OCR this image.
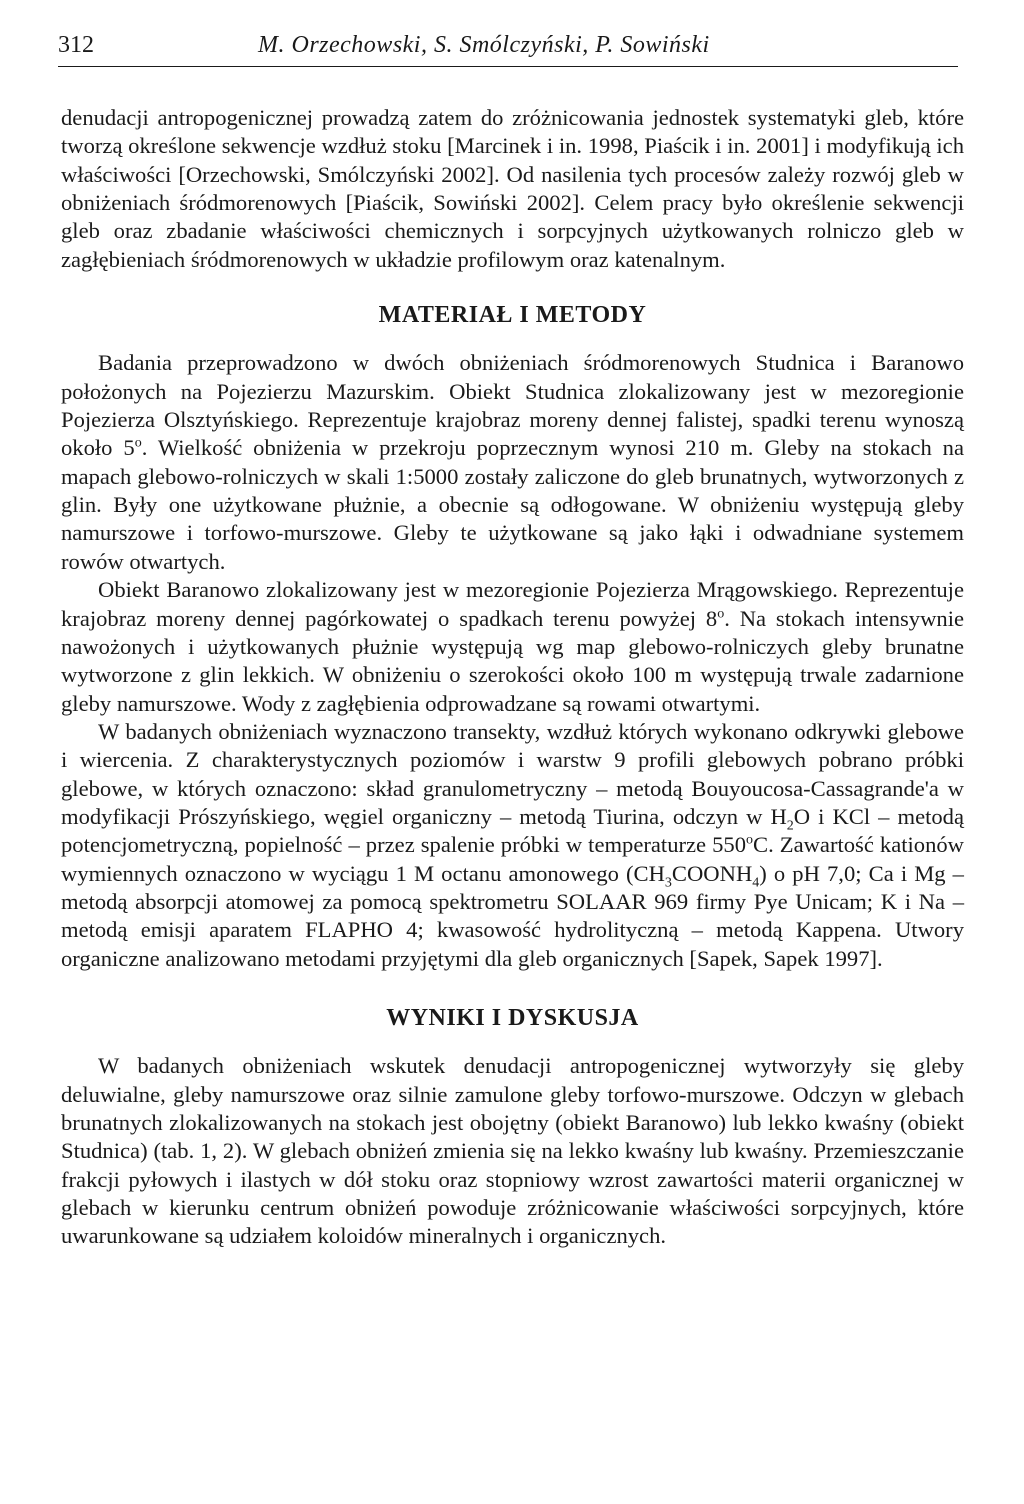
312	M. Orzechowski, S. Smólczyński, P. Sowiński

denudacji antropogenicznej prowadzą zatem do zróżnicowania jednostek systematyki gleb, które tworzą określone sekwencje wzdłuż stoku [Marcinek i in. 1998, Piaścik i in. 2001] i modyfikują ich właściwości [Orzechowski, Smólczyński 2002]. Od nasilenia tych procesów zależy rozwój gleb w obniżeniach śródmorenowych [Piaścik, Sowiński 2002]. Celem pracy było określenie sekwencji gleb oraz zbadanie właściwości chemicznych i sorpcyjnych użytkowanych rolniczo gleb w zagłębieniach śródmorenowych w układzie profilowym oraz katenalnym.

MATERIAŁ I METODY

Badania przeprowadzono w dwóch obniżeniach śródmorenowych Studnica i Baranowo położonych na Pojezierzu Mazurskim. Obiekt Studnica zlokalizowany jest w mezoregionie Pojezierza Olsztyńskiego. Reprezentuje krajobraz moreny dennej falistej, spadki terenu wynoszą około 5$^o$. Wielkość obniżenia w przekroju poprzecznym wynosi 210 m. Gleby na stokach na mapach glebowo-rolniczych w skali 1:5000 zostały zaliczone do gleb brunatnych, wytworzonych z glin. Były one użytkowane płużnie, a obecnie są odłogowane. W obniżeniu występują gleby namurszowe i torfowo-murszowe. Gleby te użytkowane są jako łąki i odwadniane systemem rowów otwartych.

Obiekt Baranowo zlokalizowany jest w mezoregionie Pojezierza Mrągowskiego. Reprezentuje krajobraz moreny dennej pagórkowatej o spadkach terenu powyżej 8$^o$. Na stokach intensywnie nawożonych i użytkowanych płużnie występują wg map glebowo-rolniczych gleby brunatne wytworzone z glin lekkich. W obniżeniu o szerokości około 100 m występują trwale zadarnione gleby namurszowe. Wody z zagłębienia odprowadzane są rowami otwartymi.

W badanych obniżeniach wyznaczono transekty, wzdłuż których wykonano odkrywki glebowe i wiercenia. Z charakterystycznych poziomów i warstw 9 profili glebowych pobrano próbki glebowe, w których oznaczono: skład granulometryczny – metodą Bouyoucosa-Cassagrande'a w modyfikacji Prószyńskiego, węgiel organiczny – metodą Tiurina, odczyn w $H_2O$ i KCl – metodą potencjometryczną, popielność – przez spalenie próbki w temperaturze 550$^o$C. Zawartość kationów wymiennych oznaczono w wyciągu 1 M octanu amonowego $(CH_3COONH_4)$ o pH 7,0; Ca i Mg – metodą absorpcji atomowej za pomocą spektrometru SOLAAR 969 firmy Pye Unicam; K i Na – metodą emisji aparatem FLAPHO 4; kwasowość hydrolityczną – metodą Kappena. Utwory organiczne analizowano metodami przyjętymi dla gleb organicznych [Sapek, Sapek 1997].

WYNIKI I DYSKUSJA

W badanych obniżeniach wskutek denudacji antropogenicznej wytworzyły się gleby deluwialne, gleby namurszowe oraz silnie zamulone gleby torfowo-murszowe. Odczyn w glebach brunatnych zlokalizowanych na stokach jest obojętny (obiekt Baranowo) lub lekko kwaśny (obiekt Studnica) (tab. 1, 2). W glebach obniżeń zmienia się na lekko kwaśny lub kwaśny. Przemieszczanie frakcji pyłowych i ilastych w dół stoku oraz stopniowy wzrost zawartości materii organicznej w glebach w kierunku centrum obniżeń powoduje zróżnicowanie właściwości sorpcyjnych, które uwarunkowane są udziałem koloidów mineralnych i organicznych.
